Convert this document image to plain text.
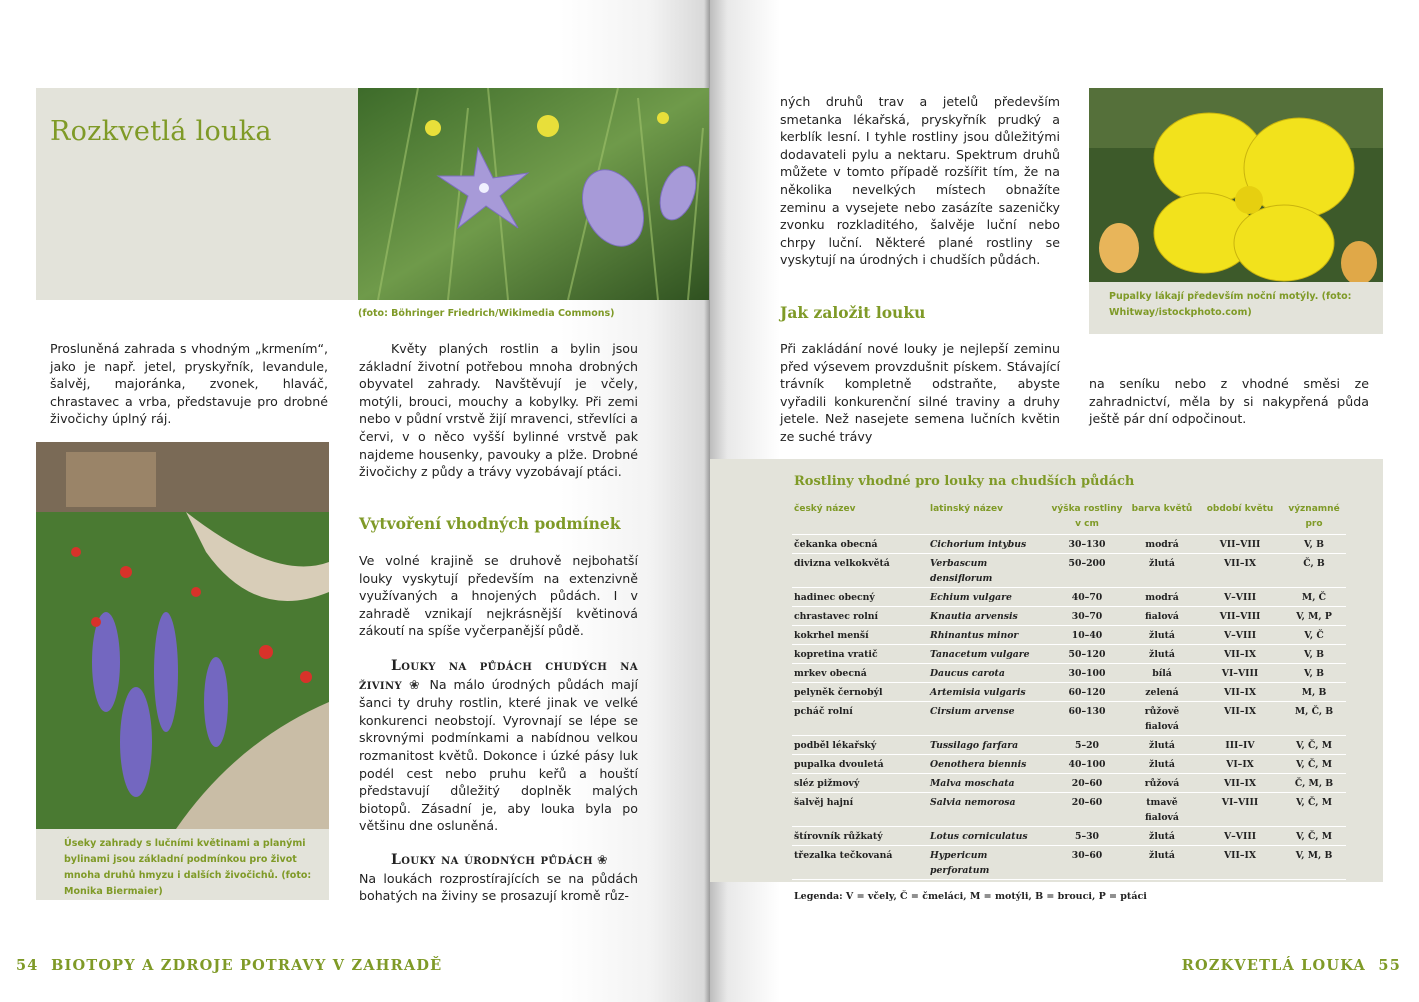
Rozkvetlá louka
(foto: Böhringer Friedrich/Wikimedia Commons)
Prosluněná zahrada s vhodným „krmením“, jako je např. jetel, pryskyřník, levandule, šalvěj, majoránka, zvonek, hlaváč, chrastavec a vrba, představuje pro drobné živočichy úplný ráj.
Úseky zahrady s lučními květinami a planými bylinami jsou základní podmínkou pro život mnoha druhů hmyzu i dalších živočichů. (foto: Monika Biermaier)
Květy planých rostlin a bylin jsou základní životní potřebou mnoha drobných obyvatel zahrady. Navštěvují je včely, motýli, brouci, mouchy a kobylky. Při zemi nebo v půdní vrstvě žijí mravenci, střevlíci a červi, v o něco vyšší bylinné vrstvě pak najdeme housenky, pavouky a plže. Drobné živočichy z půdy a trávy vyzobávají ptáci.
Vytvoření vhodných podmínek
Ve volné krajině se druhově nejbohatší louky vyskytují především na extenzivně využívaných a hnojených půdách. I v zahradě vznikají nejkrásnější květinová zákoutí na spíše vyčerpanější půdě.
Louky na půdách chudých na živiny ❀ Na málo úrodných půdách mají šanci ty druhy rostlin, které jinak ve velké konkurenci neobstojí. Vyrovnají se lépe se skrovnými podmínkami a nabídnou velkou rozmanitost květů. Dokonce i úzké pásy luk podél cest nebo pruhu keřů a houští představují důležitý doplněk malých biotopů. Zásadní je, aby louka byla po většinu dne osluněná.
Louky na úrodných půdách ❀
Na loukách rozprostírajících se na půdách bohatých na živiny se prosazují kromě růz-
54 BIOTOPY A ZDROJE POTRAVY V ZAHRADĚ
ných druhů trav a jetelů především smetanka lékařská, pryskyřník prudký a kerblík lesní. I tyhle rostliny jsou důležitými dodavateli pylu a nektaru. Spektrum druhů můžete v tomto případě rozšířit tím, že na několika nevelkých místech obnažíte zeminu a vysejete nebo zasázíte sazeničky zvonku rozkladitého, šalvěje luční nebo chrpy luční. Některé plané rostliny se vyskytují na úrodných i chudších půdách.
Jak založit louku
Při zakládání nové louky je nejlepší zeminu před výsevem provzdušnit pískem. Stávající trávník kompletně odstraňte, abyste vyřadili konkurenční silné traviny a druhy jetele. Než nasejete semena lučních květin ze suché trávy
na seníku nebo z vhodné směsi ze zahradnictví, měla by si nakypřená půda ještě pár dní odpočinout.
Pupalky lákají především noční motýly. (foto: Whitway/istockphoto.com)
Rostliny vhodné pro louky na chudších půdách
český název	latinský název	výška rostliny v cm	barva květů	období květu	významné pro
čekanka obecná	Cichorium intybus	30–130	modrá	VII–VIII	V, B
divizna velkokvětá	Verbascum densiflorum	50–200	žlutá	VII–IX	Č, B
hadinec obecný	Echium vulgare	40–70	modrá	V–VIII	M, Č
chrastavec rolní	Knautia arvensis	30–70	fialová	VII–VIII	V, M, P
kokrhel menší	Rhinantus minor	10–40	žlutá	V–VIII	V, Č
kopretina vratič	Tanacetum vulgare	50–120	žlutá	VII–IX	V, B
mrkev obecná	Daucus carota	30–100	bílá	VI–VIII	V, B
pelyněk černobýl	Artemisia vulgaris	60–120	zelená	VII–IX	M, B
pcháč rolní	Cirsium arvense	60–130	růžově fialová	VII–IX	M, Č, B
podběl lékařský	Tussilago farfara	5–20	žlutá	III–IV	V, Č, M
pupalka dvouletá	Oenothera biennis	40–100	žlutá	VI–IX	V, Č, M
sléz pižmový	Malva moschata	20–60	růžová	VII–IX	Č, M, B
šalvěj hajní	Salvia nemorosa	20–60	tmavě fialová	VI–VIII	V, Č, M
štírovník růžkatý	Lotus corniculatus	5–30	žlutá	V–VIII	V, Č, M
třezalka tečkovaná	Hypericum perforatum	30–60	žlutá	VII–IX	V, M, B
Legenda: V = včely, Č = čmeláci, M = motýli, B = brouci, P = ptáci
ROZKVETLÁ LOUKA 55
